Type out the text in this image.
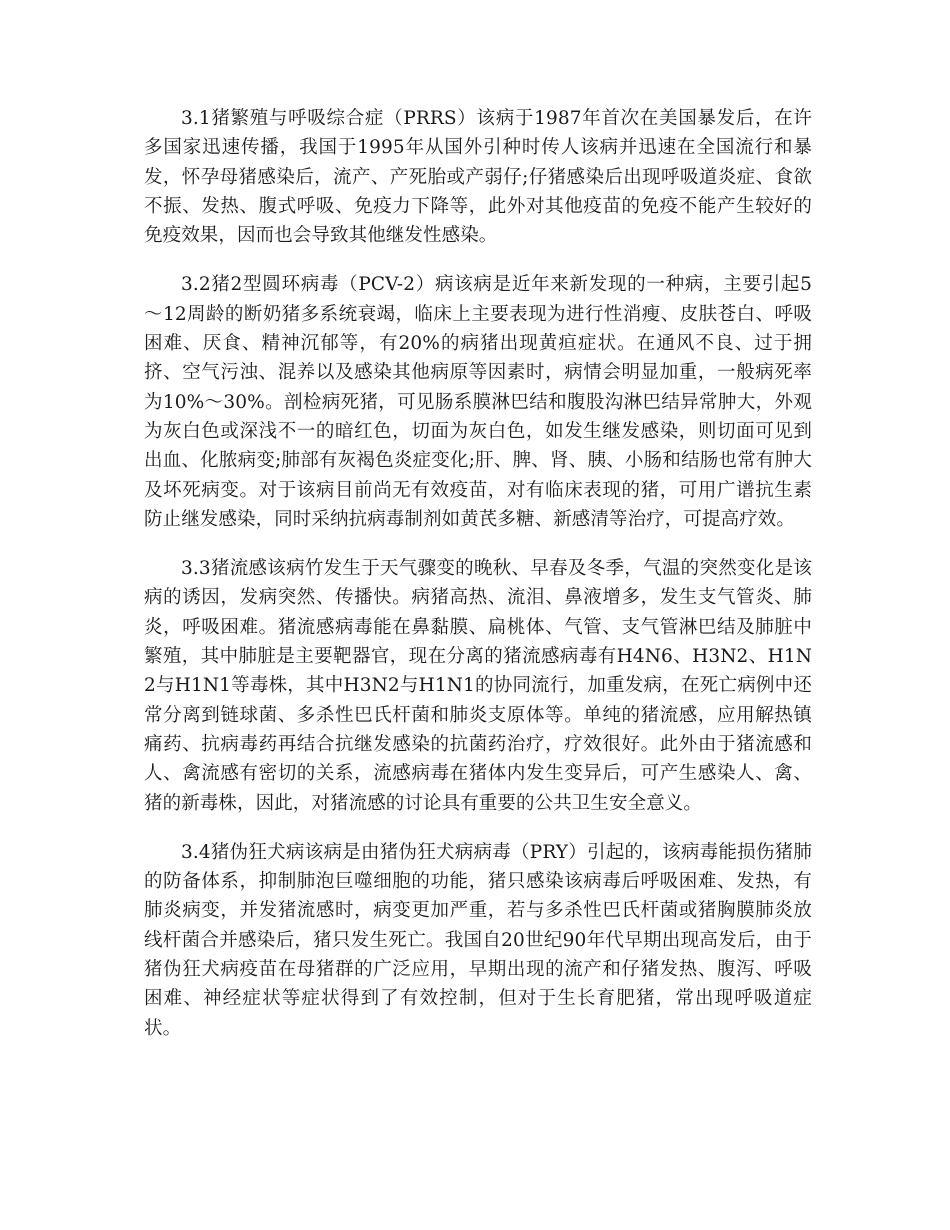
3.1猪繁殖与呼吸综合症（PRRS）该病于1987年首次在美国暴发后，在许多国家迅速传播，我国于1995年从国外引种时传人该病并迅速在全国流行和暴发，怀孕母猪感染后，流产、产死胎或产弱仔;仔猪感染后出现呼吸道炎症、食欲不振、发热、腹式呼吸、免疫力下降等，此外对其他疫苗的免疫不能产生较好的免疫效果，因而也会导致其他继发性感染。

3.2猪2型圆环病毒（PCV-2）病该病是近年来新发现的一种病，主要引起5～12周龄的断奶猪多系统衰竭，临床上主要表现为进行性消瘦、皮肤苍白、呼吸困难、厌食、精神沉郁等，有20%的病猪出现黄疸症状。在通风不良、过于拥挤、空气污浊、混养以及感染其他病原等因素时，病情会明显加重，一般病死率为10%～30%。剖检病死猪，可见肠系膜淋巴结和腹股沟淋巴结异常肿大，外观为灰白色或深浅不一的暗红色，切面为灰白色，如发生继发感染，则切面可见到出血、化脓病变;肺部有灰褐色炎症变化;肝、脾、肾、胰、小肠和结肠也常有肿大及坏死病变。对于该病目前尚无有效疫苗，对有临床表现的猪，可用广谱抗生素防止继发感染，同时采纳抗病毒制剂如黄芪多糖、新感清等治疗，可提高疗效。

3.3猪流感该病竹发生于天气骤变的晚秋、早春及冬季，气温的突然变化是该病的诱因，发病突然、传播快。病猪高热、流泪、鼻液增多，发生支气管炎、肺炎，呼吸困难。猪流感病毒能在鼻黏膜、扁桃体、气管、支气管淋巴结及肺脏中繁殖，其中肺脏是主要靶器官，现在分离的猪流感病毒有H4N6、H3N2、H1N2与H1N1等毒株，其中H3N2与H1N1的协同流行，加重发病，在死亡病例中还常分离到链球菌、多杀性巴氏杆菌和肺炎支原体等。单纯的猪流感，应用解热镇痛药、抗病毒药再结合抗继发感染的抗菌药治疗，疗效很好。此外由于猪流感和人、禽流感有密切的关系，流感病毒在猪体内发生变异后，可产生感染人、禽、猪的新毒株，因此，对猪流感的讨论具有重要的公共卫生安全意义。

3.4猪伪狂犬病该病是由猪伪狂犬病病毒（PRY）引起的，该病毒能损伤猪肺的防备体系，抑制肺泡巨噬细胞的功能，猪只感染该病毒后呼吸困难、发热，有肺炎病变，并发猪流感时，病变更加严重，若与多杀性巴氏杆菌或猪胸膜肺炎放线杆菌合并感染后，猪只发生死亡。我国自20世纪90年代早期出现高发后，由于猪伪狂犬病疫苗在母猪群的广泛应用，早期出现的流产和仔猪发热、腹泻、呼吸困难、神经症状等症状得到了有效控制，但对于生长育肥猪，常出现呼吸道症状。
